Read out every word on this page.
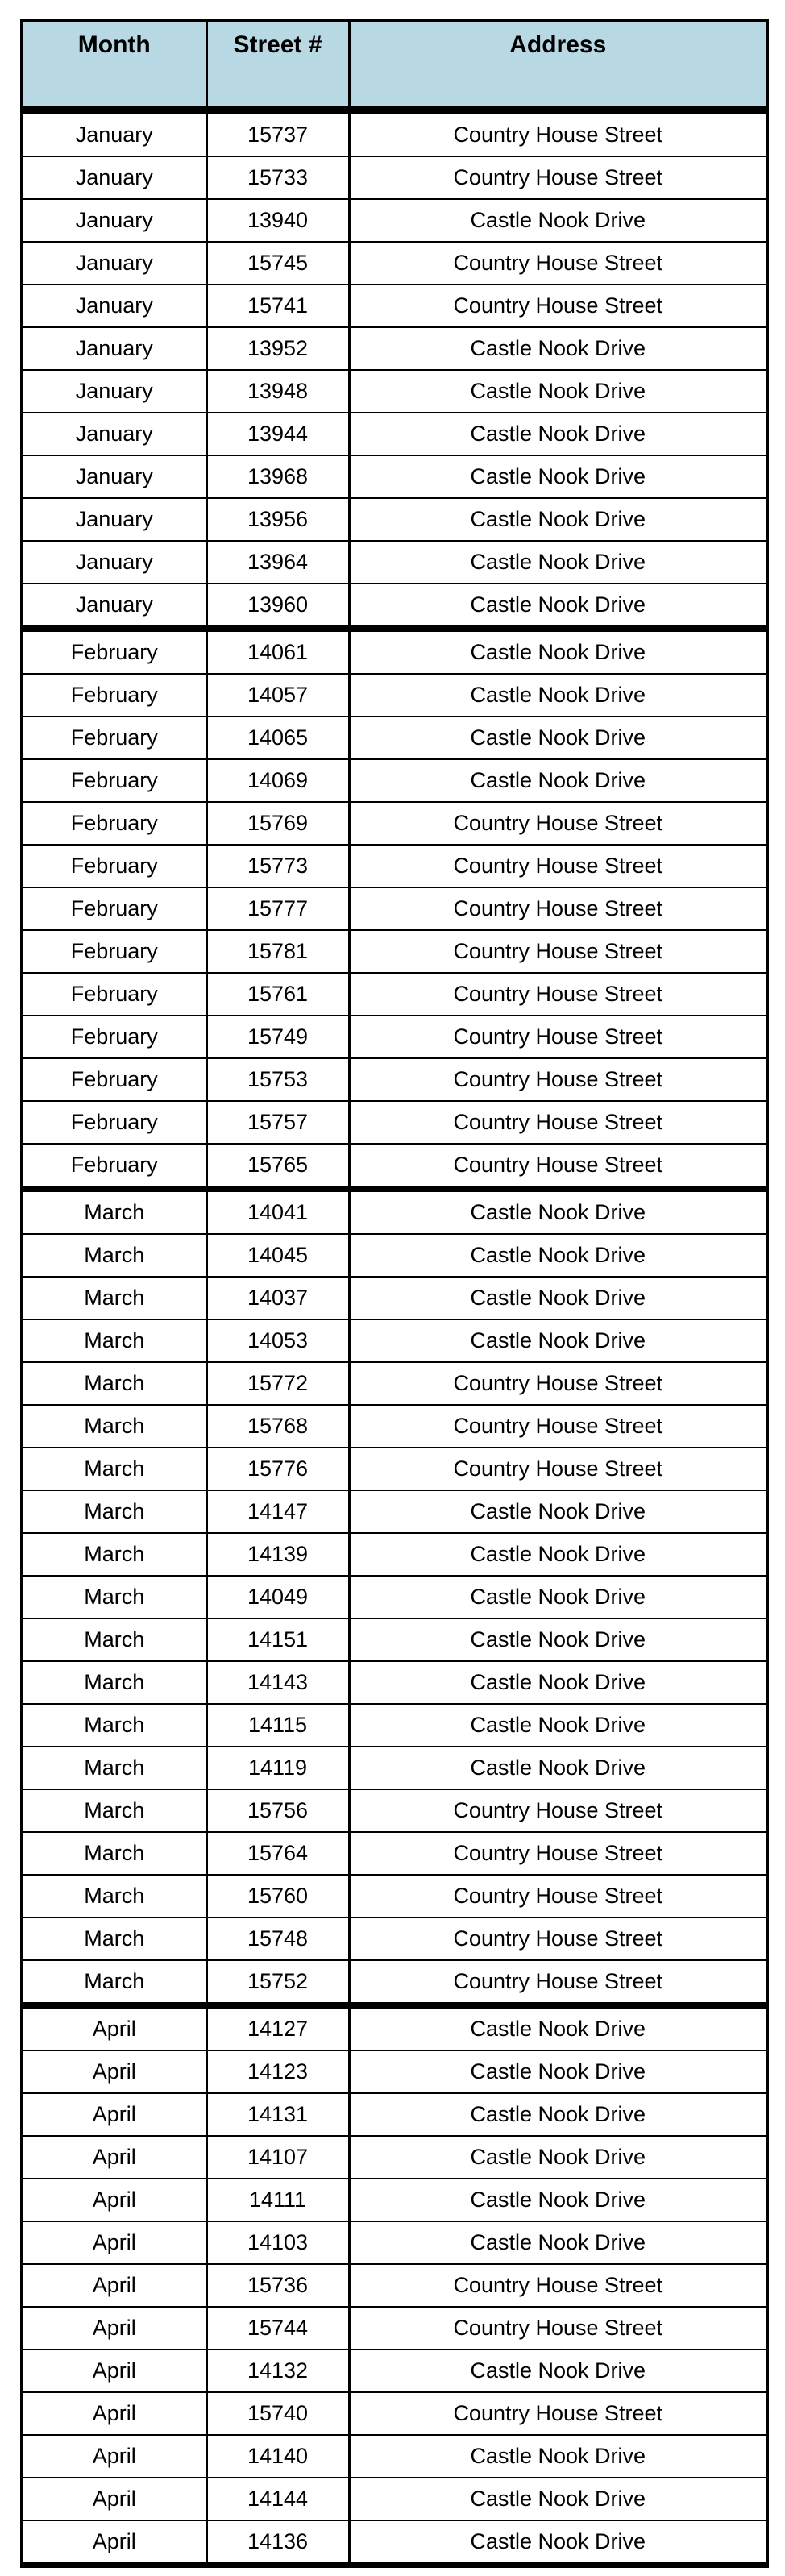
Month	Street #	Address
January	15737	Country House Street
January	15733	Country House Street
January	13940	Castle Nook Drive
January	15745	Country House Street
January	15741	Country House Street
January	13952	Castle Nook Drive
January	13948	Castle Nook Drive
January	13944	Castle Nook Drive
January	13968	Castle Nook Drive
January	13956	Castle Nook Drive
January	13964	Castle Nook Drive
January	13960	Castle Nook Drive
February	14061	Castle Nook Drive
February	14057	Castle Nook Drive
February	14065	Castle Nook Drive
February	14069	Castle Nook Drive
February	15769	Country House Street
February	15773	Country House Street
February	15777	Country House Street
February	15781	Country House Street
February	15761	Country House Street
February	15749	Country House Street
February	15753	Country House Street
February	15757	Country House Street
February	15765	Country House Street
March	14041	Castle Nook Drive
March	14045	Castle Nook Drive
March	14037	Castle Nook Drive
March	14053	Castle Nook Drive
March	15772	Country House Street
March	15768	Country House Street
March	15776	Country House Street
March	14147	Castle Nook Drive
March	14139	Castle Nook Drive
March	14049	Castle Nook Drive
March	14151	Castle Nook Drive
March	14143	Castle Nook Drive
March	14115	Castle Nook Drive
March	14119	Castle Nook Drive
March	15756	Country House Street
March	15764	Country House Street
March	15760	Country House Street
March	15748	Country House Street
March	15752	Country House Street
April	14127	Castle Nook Drive
April	14123	Castle Nook Drive
April	14131	Castle Nook Drive
April	14107	Castle Nook Drive
April	14111	Castle Nook Drive
April	14103	Castle Nook Drive
April	15736	Country House Street
April	15744	Country House Street
April	14132	Castle Nook Drive
April	15740	Country House Street
April	14140	Castle Nook Drive
April	14144	Castle Nook Drive
April	14136	Castle Nook Drive
